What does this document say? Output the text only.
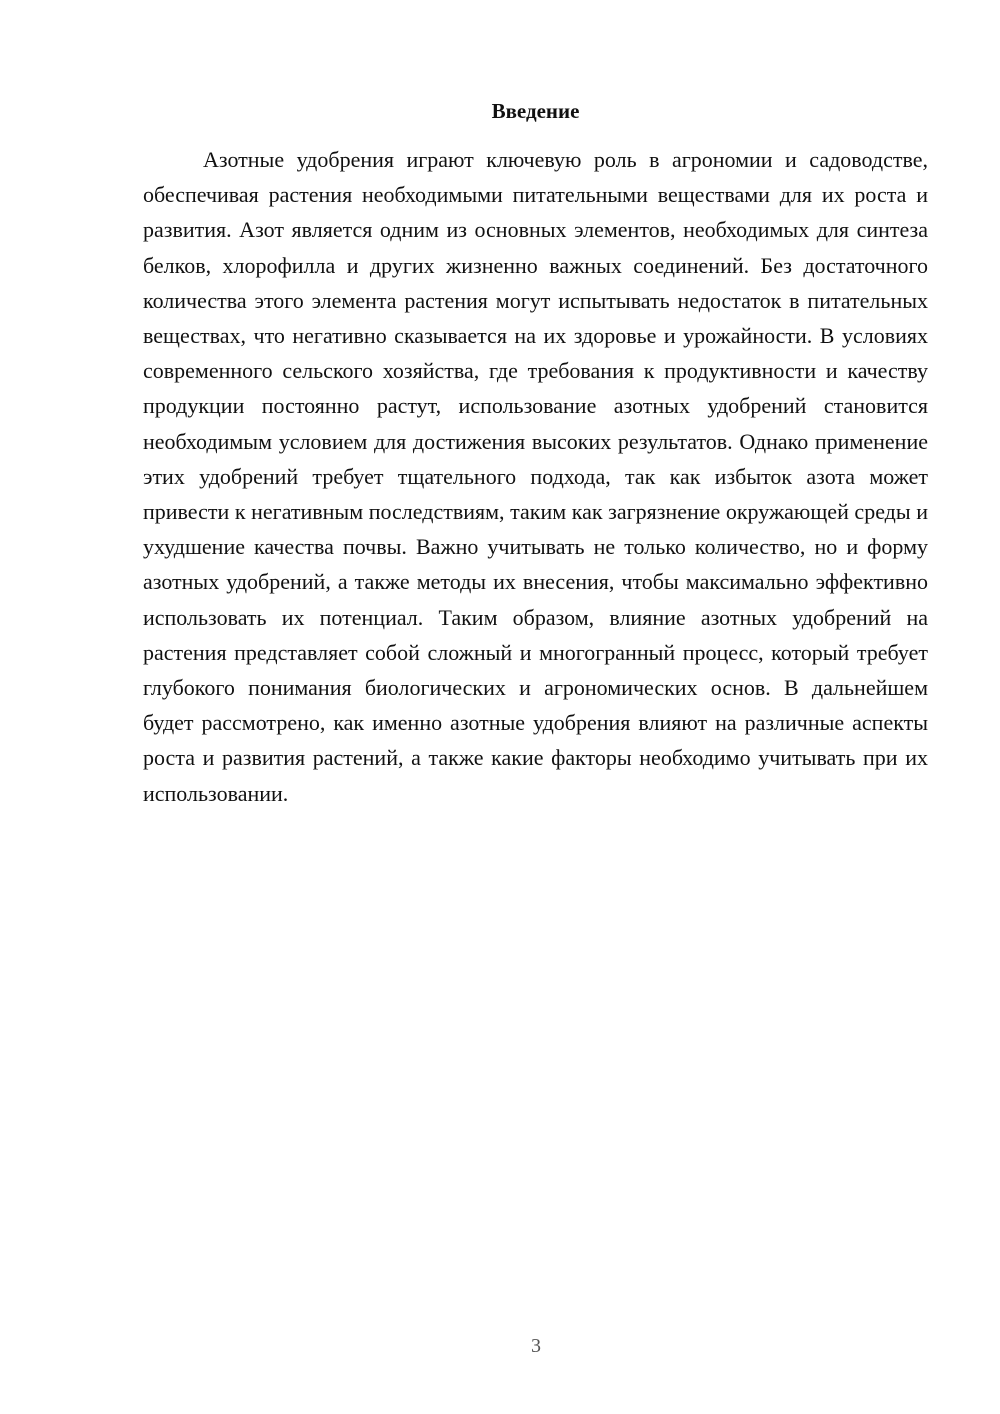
Введение

Азотные удобрения играют ключевую роль в агрономии и садоводстве, обеспечивая растения необходимыми питательными веществами для их роста и развития. Азот является одним из основных элементов, необходимых для синтеза белков, хлорофилла и других жизненно важных соединений. Без достаточного количества этого элемента растения могут испытывать недостаток в питательных веществах, что негативно сказывается на их здоровье и урожайности. В условиях современного сельского хозяйства, где требования к продуктивности и качеству продукции постоянно растут, использование азотных удобрений становится необходимым условием для достижения высоких результатов. Однако применение этих удобрений требует тщательного подхода, так как избыток азота может привести к негативным последствиям, таким как загрязнение окружающей среды и ухудшение качества почвы. Важно учитывать не только количество, но и форму азотных удобрений, а также методы их внесения, чтобы максимально эффективно использовать их потенциал. Таким образом, влияние азотных удобрений на растения представляет собой сложный и многогранный процесс, который требует глубокого понимания биологических и агрономических основ. В дальнейшем будет рассмотрено, как именно азотные удобрения влияют на различные аспекты роста и развития растений, а также какие факторы необходимо учитывать при их использовании.

3
